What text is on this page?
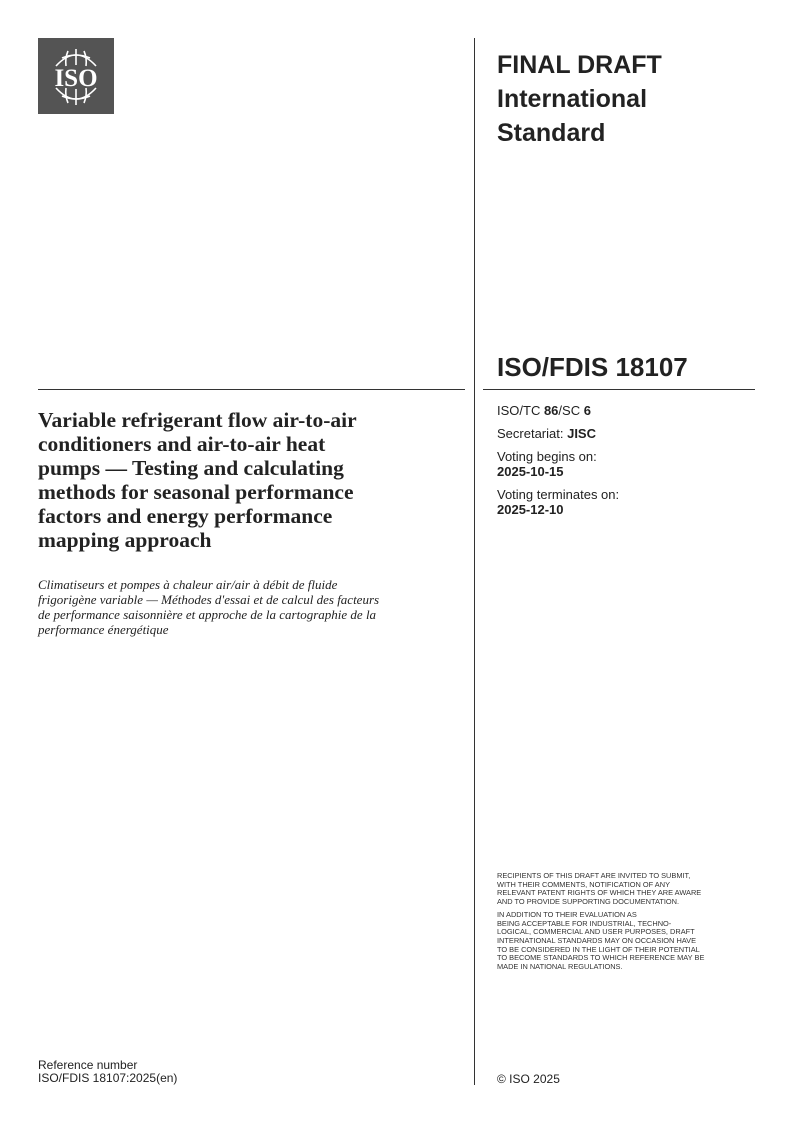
ISO	FINAL DRAFT
International
Standard
ISO/FDIS 18107
Variable refrigerant flow air-to-air
conditioners and air-to-air heat
pumps — Testing and calculating
methods for seasonal performance
factors and energy performance
mapping approach
Climatiseurs et pompes à chaleur air/air à débit de fluide
frigorigène variable — Méthodes d'essai et de calcul des facteurs
de performance saisonnière et approche de la cartographie de la
performance énergétique
ISO/TC 86/SC 6
Secretariat: JISC
Voting begins on:
2025-10-15
Voting terminates on:
2025-12-10

RECIPIENTS OF THIS DRAFT ARE INVITED TO SUBMIT,
WITH THEIR COMMENTS, NOTIFICATION OF ANY
RELEVANT PATENT RIGHTS OF WHICH THEY ARE AWARE
AND TO PROVIDE SUPPORTING DOCUMENTATION.

IN ADDITION TO THEIR EVALUATION AS
BEING ACCEPTABLE FOR INDUSTRIAL, TECHNO-
LOGICAL, COMMERCIAL AND USER PURPOSES, DRAFT
INTERNATIONAL STANDARDS MAY ON OCCASION HAVE
TO BE CONSIDERED IN THE LIGHT OF THEIR POTENTIAL
TO BECOME STANDARDS TO WHICH REFERENCE MAY BE
MADE IN NATIONAL REGULATIONS.

Reference number
ISO/FDIS 18107:2025(en)	© ISO 2025
